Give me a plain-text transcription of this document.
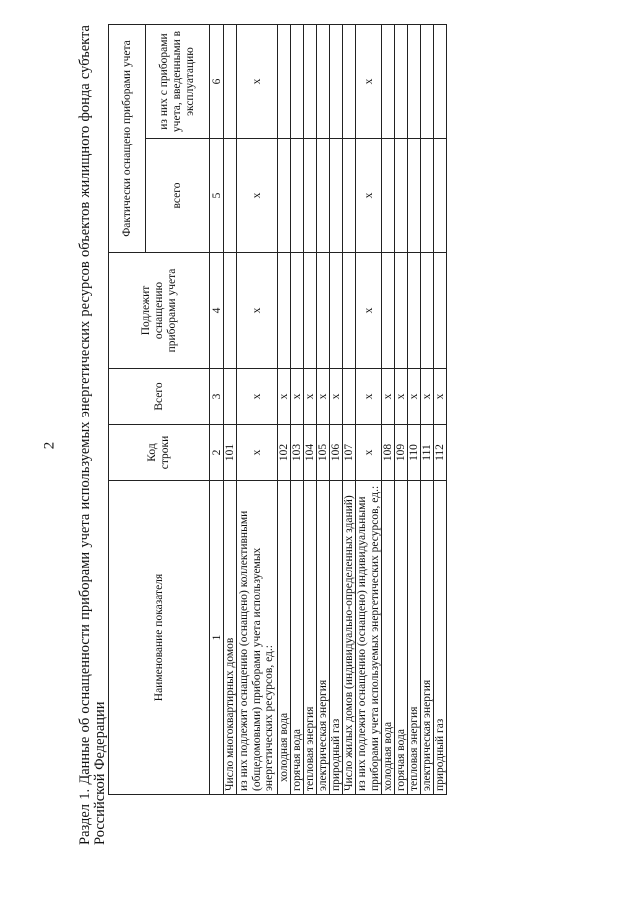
2 Раздел 1. Данные об оснащенности приборами учета используемых энергетических ресурсов объектов жилищного фонда субъекта Российской Федерации
Наименование показателя	Код строки	Всего	Подлежит оснащению приборами учета	Фактически оснащено приборами учета	
				всего	из них с приборами учета, введенными в эксплуатацию
1	2	3	4	5	6
Число многоквартирных домов	101				
из них подлежит оснащению (оснащено) коллективными (общедомовыми) приборами учета используемых энергетических ресурсов, ед.:	x	x	x	x	x
холодная вода	102	x			
горячая вода	103	x			
тепловая энергия	104	x			
электрическая энергия	105	x			
природный газ	106	x			
Число жилых домов (индивидуально-определенных зданий)	107				
из них подлежит оснащению (оснащено) индивидуальными приборами учета используемых энергетических ресурсов, ед.:	x	x	x	x	x
холодная вода	108	x			
горячая вода	109	x			
тепловая энергия	110	x			
электрическая энергия	111	x			
природный газ	112	x			
